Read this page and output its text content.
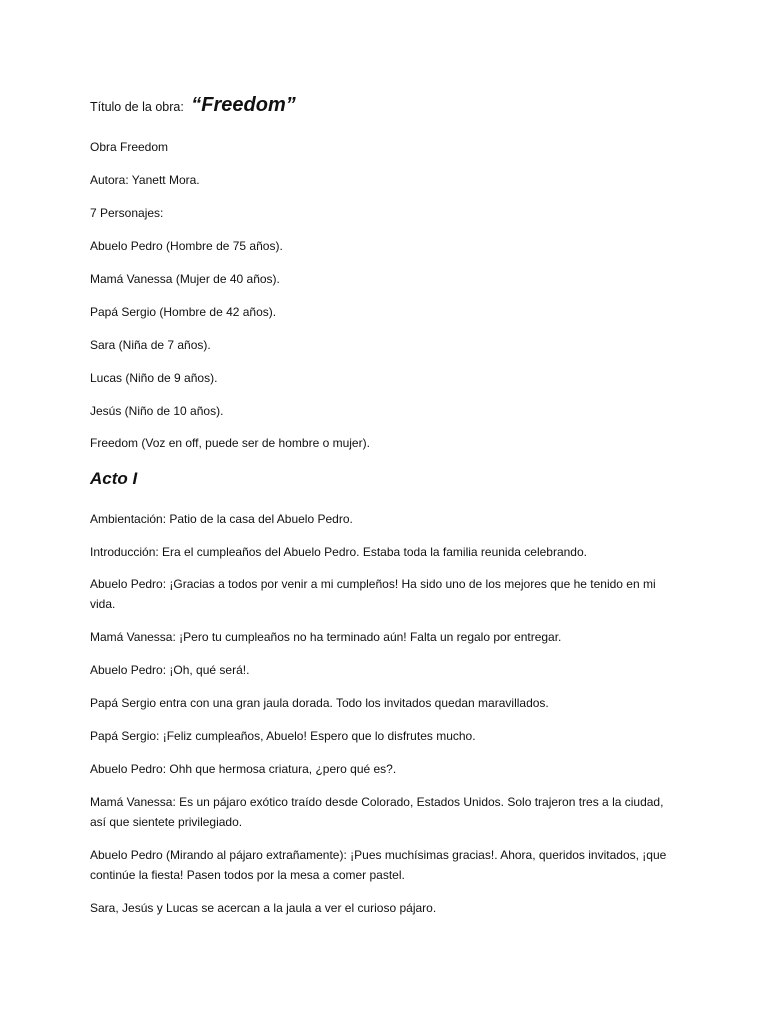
Título de la obra: “Freedom”
Obra Freedom
Autora: Yanett Mora.
7 Personajes:
Abuelo Pedro (Hombre de 75 años).
Mamá Vanessa (Mujer de 40 años).
Papá Sergio (Hombre de 42 años).
Sara (Niña de 7 años).
Lucas (Niño de 9 años).
Jesús (Niño de 10 años).
Freedom (Voz en off, puede ser de hombre o mujer).
Acto I
Ambientación: Patio de la casa del Abuelo Pedro.
Introducción: Era el cumpleaños del Abuelo Pedro. Estaba toda la familia reunida celebrando.
Abuelo Pedro: ¡Gracias a todos por venir a mi cumpleños! Ha sido uno de los mejores que he tenido en mi vida.
Mamá Vanessa: ¡Pero tu cumpleaños no ha terminado aún! Falta un regalo por entregar.
Abuelo Pedro: ¡Oh, qué será!.
Papá Sergio entra con una gran jaula dorada. Todo los invitados quedan maravillados.
Papá Sergio: ¡Feliz cumpleaños, Abuelo! Espero que lo disfrutes mucho.
Abuelo Pedro: Ohh que hermosa criatura, ¿pero qué es?.
Mamá Vanessa: Es un pájaro exótico traído desde Colorado, Estados Unidos. Solo trajeron tres a la ciudad, así que sientete privilegiado.
Abuelo Pedro (Mirando al pájaro extrañamente): ¡Pues muchísimas gracias!. Ahora, queridos invitados, ¡que continúe la fiesta! Pasen todos por la mesa a comer pastel.
Sara, Jesús y Lucas se acercan a la jaula a ver el curioso pájaro.
